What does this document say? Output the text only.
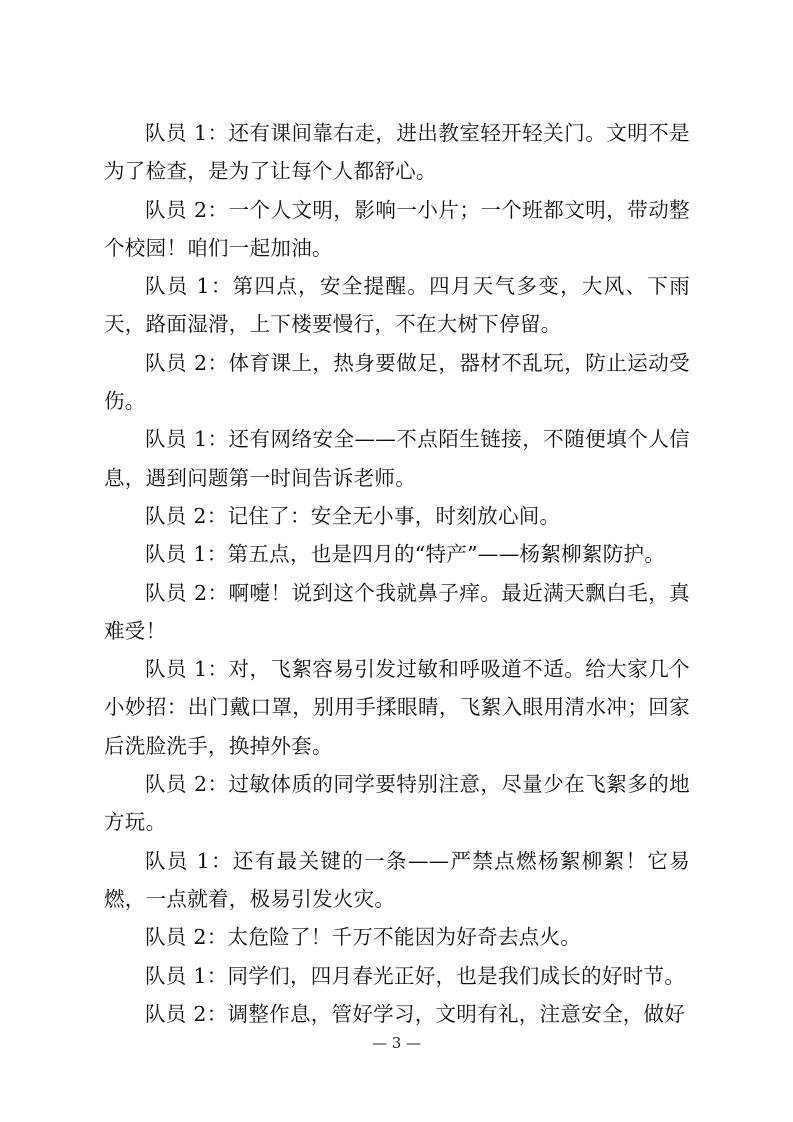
队员 1：还有课间靠右走，进出教室轻开轻关门。文明不是为了检查，是为了让每个人都舒心。

队员 2：一个人文明，影响一小片；一个班都文明，带动整个校园！咱们一起加油。

队员 1：第四点，安全提醒。四月天气多变，大风、下雨天，路面湿滑，上下楼要慢行，不在大树下停留。

队员 2：体育课上，热身要做足，器材不乱玩，防止运动受伤。

队员 1：还有网络安全——不点陌生链接，不随便填个人信息，遇到问题第一时间告诉老师。

队员 2：记住了：安全无小事，时刻放心间。

队员 1：第五点，也是四月的“特产”——杨絮柳絮防护。

队员 2：啊嚏！说到这个我就鼻子痒。最近满天飘白毛，真难受！

队员 1：对，飞絮容易引发过敏和呼吸道不适。给大家几个小妙招：出门戴口罩，别用手揉眼睛，飞絮入眼用清水冲；回家后洗脸洗手，换掉外套。

队员 2：过敏体质的同学要特别注意，尽量少在飞絮多的地方玩。

队员 1：还有最关键的一条——严禁点燃杨絮柳絮！它易燃，一点就着，极易引发火灾。

队员 2：太危险了！千万不能因为好奇去点火。

队员 1：同学们，四月春光正好，也是我们成长的好时节。

队员 2：调整作息，管好学习，文明有礼，注意安全，做好

— 3 —
